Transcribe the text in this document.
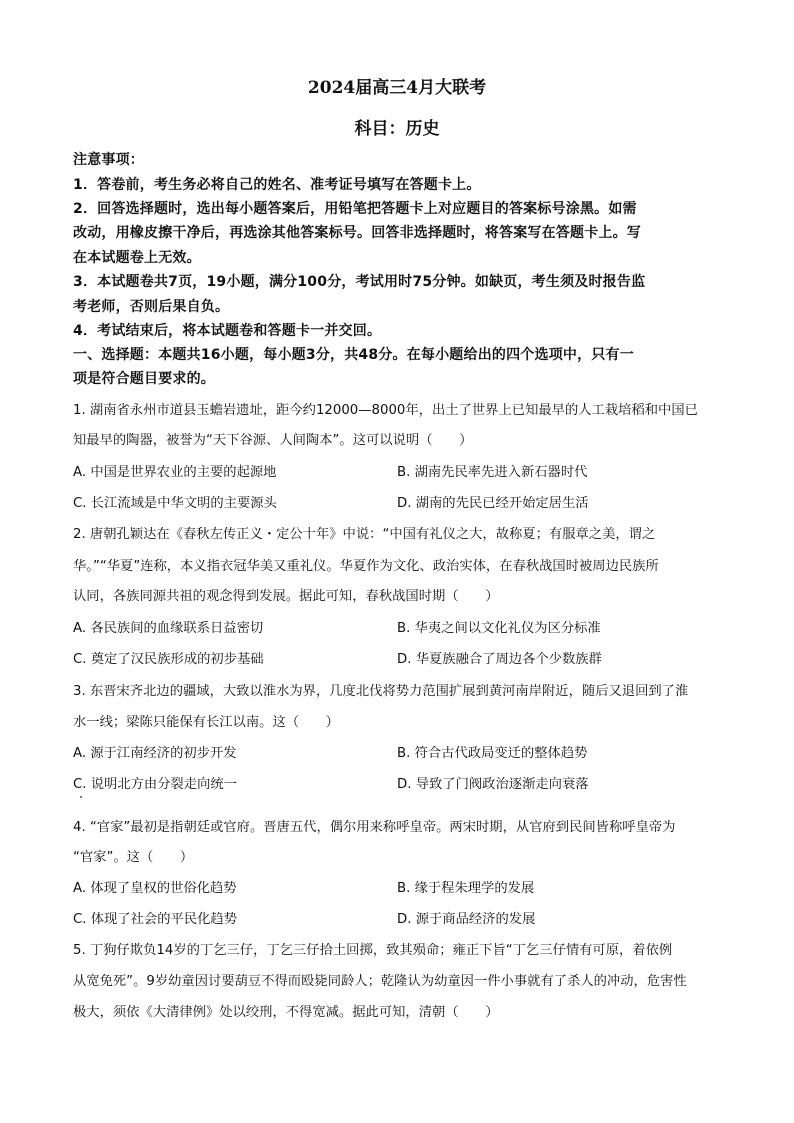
2024届高三4月大联考
科目：历史
注意事项：
1．答卷前，考生务必将自己的姓名、准考证号填写在答题卡上。
2．回答选择题时，选出每小题答案后，用铅笔把答题卡上对应题目的答案标号涂黑。如需
改动，用橡皮擦干净后，再选涂其他答案标号。回答非选择题时，将答案写在答题卡上。写
在本试题卷上无效。
3．本试题卷共7页，19小题，满分100分，考试用时75分钟。如缺页，考生须及时报告监
考老师，否则后果自负。
4．考试结束后，将本试题卷和答题卡一并交回。
一、选择题：本题共16小题，每小题3分，共48分。在每小题给出的四个选项中，只有一
项是符合题目要求的。
1. 湖南省永州市道县玉蟾岩遗址，距今约12000—8000年，出土了世界上已知最早的人工栽培稻和中国已
知最早的陶器，被誉为“天下谷源、人间陶本”。这可以说明（　　）
A. 中国是世界农业的主要的起源地	B. 湖南先民率先进入新石器时代
C. 长江流域是中华文明的主要源头	D. 湖南的先民已经开始定居生活
2. 唐朝孔颖达在《春秋左传正义・定公十年》中说：“中国有礼仪之大，故称夏；有服章之美，谓之
华。”“华夏”连称，本义指衣冠华美又重礼仪。华夏作为文化、政治实体，在春秋战国时被周边民族所
认同，各族同源共祖的观念得到发展。据此可知，春秋战国时期（　　）
A. 各民族间的血缘联系日益密切	B. 华夷之间以文化礼仪为区分标准
C. 奠定了汉民族形成的初步基础	D. 华夏族融合了周边各个少数族群
3. 东晋宋齐北边的疆域，大致以淮水为界，几度北伐将势力范围扩展到黄河南岸附近，随后又退回到了淮
水一线；梁陈只能保有长江以南。这（　　）
A. 源于江南经济的初步开发	B. 符合古代政局变迁的整体趋势
C. 说明北方由分裂走向统一	D. 导致了门阀政治逐渐走向衰落
4. “官家”最初是指朝廷或官府。晋唐五代，偶尔用来称呼皇帝。两宋时期，从官府到民间皆称呼皇帝为
“官家”。这（　　）
A. 体现了皇权的世俗化趋势	B. 缘于程朱理学的发展
C. 体现了社会的平民化趋势	D. 源于商品经济的发展
5. 丁狗仔欺负14岁的丁乞三仔，丁乞三仔拾土回掷，致其殒命；雍正下旨“丁乞三仔情有可原，着依例
从宽免死”。9岁幼童因讨要葫豆不得而殴毙同龄人；乾隆认为幼童因一件小事就有了杀人的冲动，危害性
极大，须依《大清律例》处以绞刑，不得宽减。据此可知，清朝（　　）
